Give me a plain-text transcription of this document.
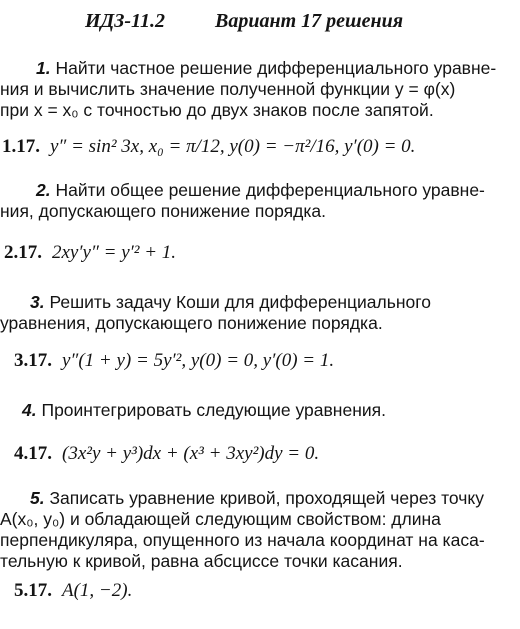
ИДЗ-11.2	Вариант 17 решения
1. Найти частное решение дифференциального уравне-
ния и вычислить значение полученной функции y = φ(x)
при x = x₀ с точностью до двух знаков после запятой.
1.17. y″ = sin² 3x, x₀ = π/12, y(0) = −π²/16, y′(0) = 0.
2. Найти общее решение дифференциального уравне-
ния, допускающего понижение порядка.
2.17. 2xy′y″ = y′² + 1.
3. Решить задачу Коши для дифференциального
уравнения, допускающего понижение порядка.
3.17. y″(1 + y) = 5y′², y(0) = 0, y′(0) = 1.
4. Проинтегрировать следующие уравнения.
4.17. (3x²y + y³)dx + (x³ + 3xy²)dy = 0.
5. Записать уравнение кривой, проходящей через точку
A(x₀, y₀) и обладающей следующим свойством: длина
перпендикуляра, опущенного из начала координат на каса-
тельную к кривой, равна абсциссе точки касания.
5.17. A(1, −2).
